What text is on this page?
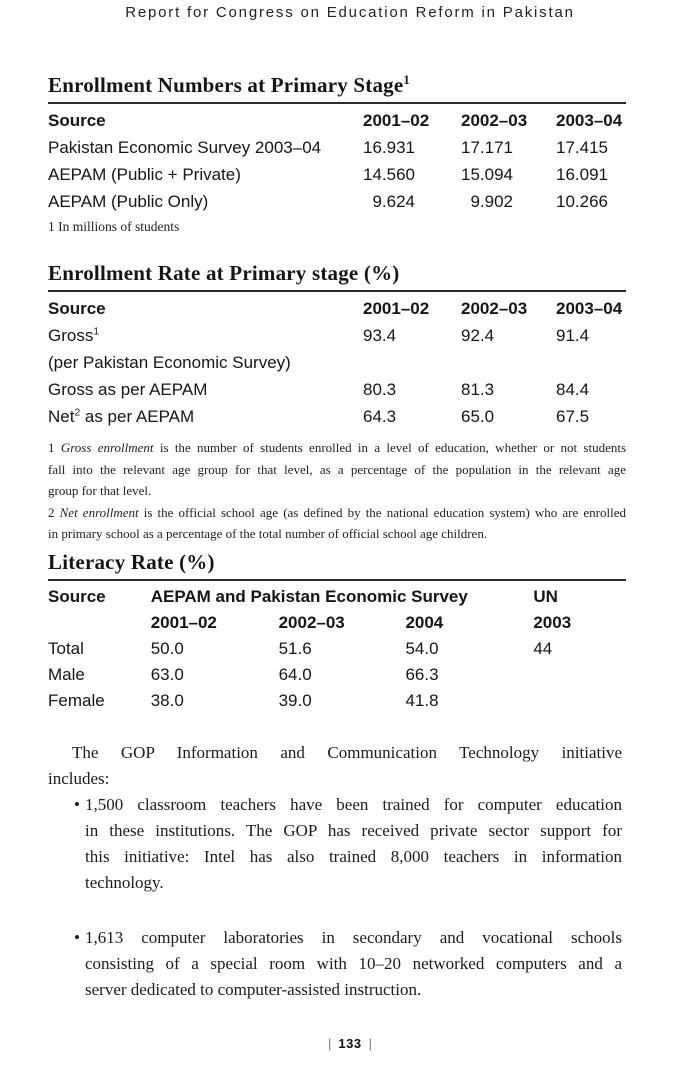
Report for Congress on Education Reform in Pakistan
Enrollment Numbers at Primary Stage$^1$
Source	2001–02	2002–03	2003–04
Pakistan Economic Survey 2003–04	16.931	17.171	17.415
AEPAM (Public + Private)	14.560	15.094	16.091
AEPAM (Public Only)	9.624	9.902	10.266
1 In millions of students
Enrollment Rate at Primary stage (%)
Source	2001–02	2002–03	2003–04
Gross$^1$	93.4	92.4	91.4
(per Pakistan Economic Survey)			
Gross as per AEPAM	80.3	81.3	84.4
Net$^2$ as per AEPAM	64.3	65.0	67.5
1 Gross enrollment is the number of students enrolled in a level of education, whether or not students
fall into the relevant age group for that level, as a percentage of the population in the relevant age
group for that level.
2 Net enrollment is the official school age (as defined by the national education system) who are enrolled
in primary school as a percentage of the total number of official school age children.
Literacy Rate (%)
Source	AEPAM and Pakistan Economic Survey			UN
	2001–02	2002–03	2004	2003
Total	50.0	51.6	54.0	44
Male	63.0	64.0	66.3	
Female	38.0	39.0	41.8	
The GOP Information and Communication Technology initiative
includes:
• 1,500 classroom teachers have been trained for computer education
in these institutions. The GOP has received private sector support for
this initiative: Intel has also trained 8,000 teachers in information
technology.
• 1,613 computer laboratories in secondary and vocational schools
consisting of a special room with 10–20 networked computers and a
server dedicated to computer-assisted instruction.
| 133 |
